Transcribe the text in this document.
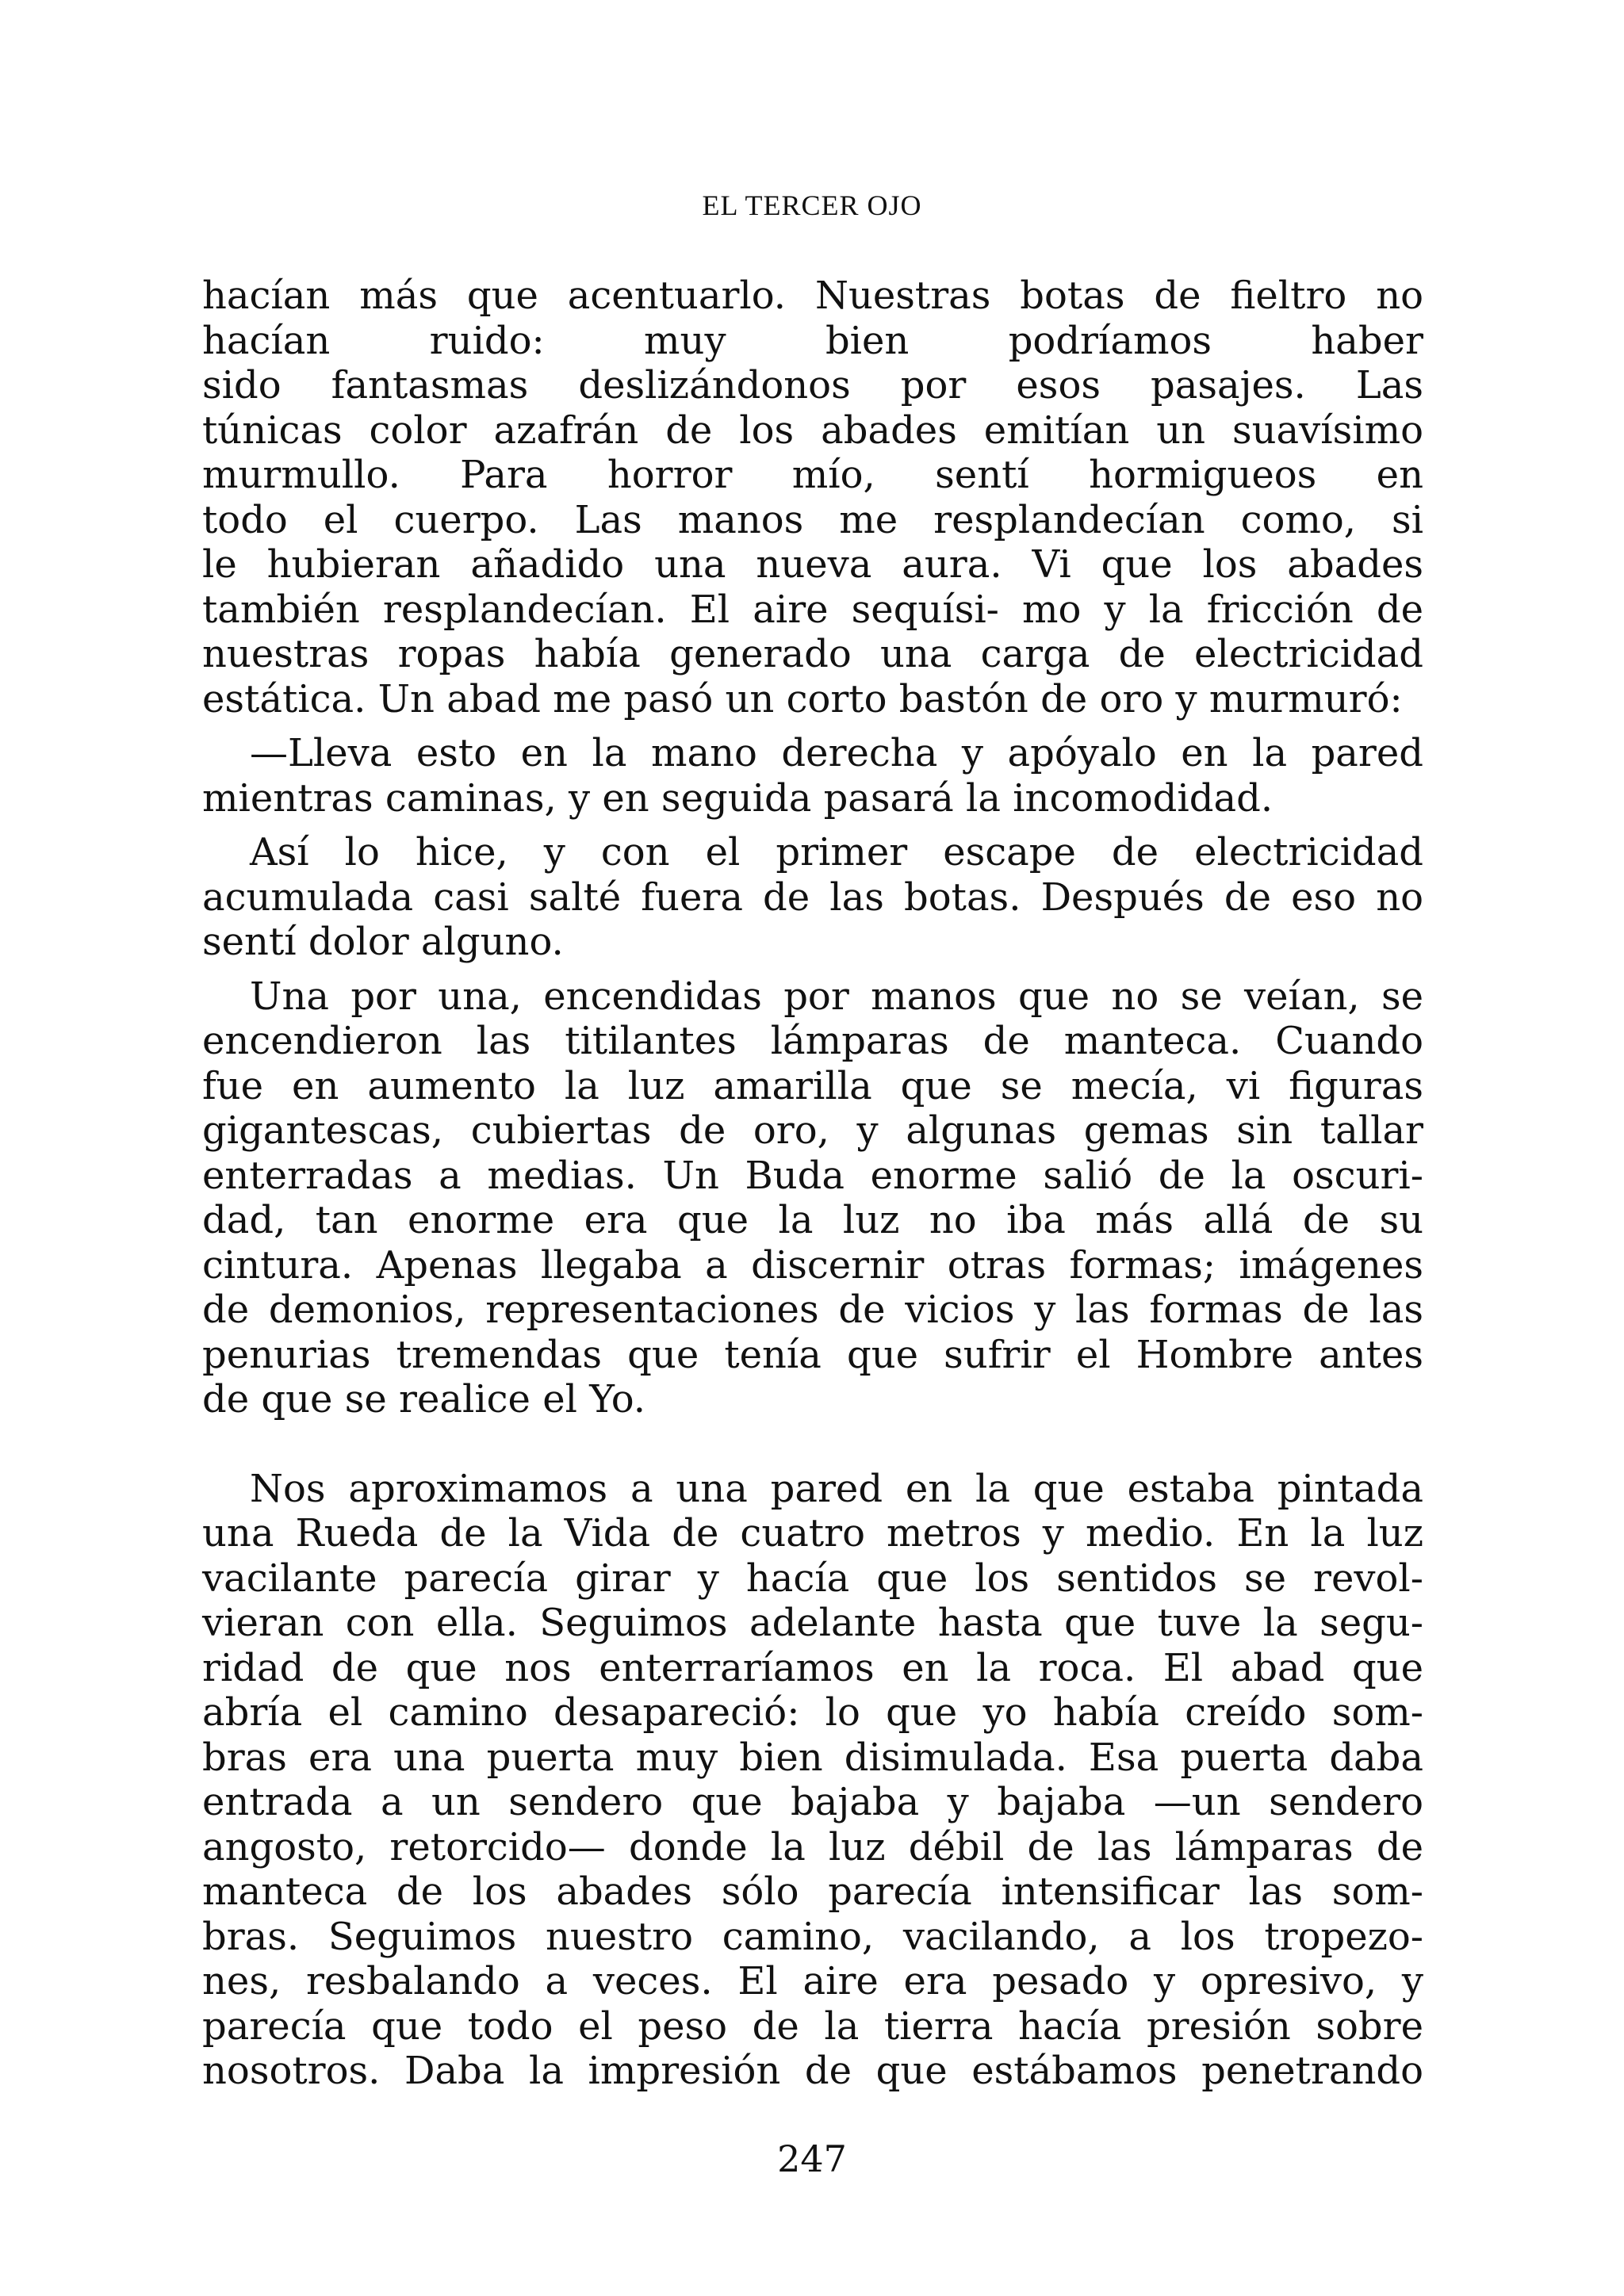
EL TERCER OJO
hacían más que acentuarlo. Nuestras botas de fieltro no
hacían ruido: muy bien podríamos haber
sido fantasmas deslizándonos por esos pasajes. Las
túnicas color azafrán de los abades emitían un suavísimo
murmullo. Para horror mío, sentí hormigueos en
todo el cuerpo. Las manos me resplandecían como, si
le hubieran añadido una nueva aura. Vi que los abades
también resplandecían. El aire sequísi- mo y la fricción de
nuestras ropas había generado una carga de electricidad
estática. Un abad me pasó un corto bastón de oro y murmuró:
—Lleva esto en la mano derecha y apóyalo en la pared
mientras caminas, y en seguida pasará la incomodidad.
Así lo hice, y con el primer escape de electricidad
acumulada casi salté fuera de las botas. Después de eso no
sentí dolor alguno.
Una por una, encendidas por manos que no se veían, se
encendieron las titilantes lámparas de manteca. Cuando
fue en aumento la luz amarilla que se mecía, vi figuras
gigantescas, cubiertas de oro, y algunas gemas sin tallar
enterradas a medias. Un Buda enorme salió de la oscuri-
dad, tan enorme era que la luz no iba más allá de su
cintura. Apenas llegaba a discernir otras formas; imágenes
de demonios, representaciones de vicios y las formas de las
penurias tremendas que tenía que sufrir el Hombre antes
de que se realice el Yo.
Nos aproximamos a una pared en la que estaba pintada
una Rueda de la Vida de cuatro metros y medio. En la luz
vacilante parecía girar y hacía que los sentidos se revol-
vieran con ella. Seguimos adelante hasta que tuve la segu-
ridad de que nos enterraríamos en la roca. El abad que
abría el camino desapareció: lo que yo había creído som-
bras era una puerta muy bien disimulada. Esa puerta daba
entrada a un sendero que bajaba y bajaba —un sendero
angosto, retorcido— donde la luz débil de las lámparas de
manteca de los abades sólo parecía intensificar las som-
bras. Seguimos nuestro camino, vacilando, a los tropezo-
nes, resbalando a veces. El aire era pesado y opresivo, y
parecía que todo el peso de la tierra hacía presión sobre
nosotros. Daba la impresión de que estábamos penetrando
247
